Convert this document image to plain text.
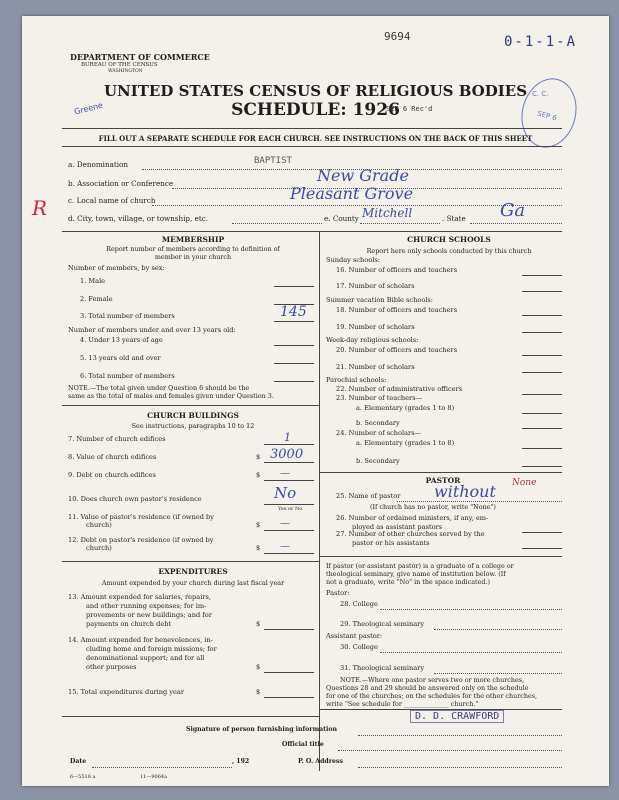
DEPARTMENT OF COMMERCE
BUREAU OF THE CENSUS
WASHINGTON
9694	0-1-1-A
UNITED STATES CENSUS OF RELIGIOUS BODIES
SCHEDULE: 1926
SEP 6 Rec'd
Greene
C. C.
SEP 6
FILL OUT A SEPARATE SCHEDULE FOR EACH CHURCH. SEE INSTRUCTIONS ON THE BACK OF THIS SHEET
R
a. Denomination	BAPTIST
b. Association or Conference	New Grade
c. Local name of church	Pleasant Grove
d. City, town, village, or township, etc.	e. County Mitchell	. State Ga
MEMBERSHIP
Report number of members according to definition of
member in your church
Number of members, by sex:
1. Male
2. Female
3. Total number of members	145
Number of members under and over 13 years old:
4. Under 13 years of age
5. 13 years old and over
6. Total number of members
NOTE.—The total given under Question 6 should be the
same as the total of males and females given under Question 3.
CHURCH BUILDINGS
See instructions, paragraphs 10 to 12
7. Number of church edifices	1
8. Value of church edifices	$ 3000
9. Debt on church edifices	$ —
10. Does church own pastor's residence	No
Yes or No
11. Value of pastor's residence (if owned by
church)	$ —
12. Debt on pastor's residence (if owned by
church)	$ —
EXPENDITURES
Amount expended by your church during last fiscal year
13. Amount expended for salaries, repairs,
and other running expenses; for im-
provements or new buildings; and for
payments on church debt	$
14. Amount expended for benevolences, in-
cluding home and foreign missions; for
denominational support; and for all
other purposes	$
15. Total expenditures during year	$
CHURCH SCHOOLS
Report here only schools conducted by this church
Sunday schools:
16. Number of officers and teachers
17. Number of scholars
Summer vacation Bible schools:
18. Number of officers and teachers
19. Number of scholars
Week-day religious schools:
20. Number of officers and teachers
21. Number of scholars
Parochial schools:
22. Number of administrative officers
23. Number of teachers—
a. Elementary (grades 1 to 8)
b. Secondary
24. Number of scholars—
a. Elementary (grades 1 to 8)
b. Secondary
PASTOR
25. Name of pastor without None
(If church has no pastor, write "None")
26. Number of ordained ministers, if any, em-
ployed as assistant pastors
27. Number of other churches served by the
pastor or his assistants
If pastor (or assistant pastor) is a graduate of a college or
theological seminary, give name of institution below. (If
not a graduate, write "No" in the space indicated.)
Pastor:
28. College
29. Theological seminary
Assistant pastor:
30. College
31. Theological seminary
NOTE.—Where one pastor serves two or more churches,
Questions 28 and 29 should be answered only on the schedule
for one of the churches; on the schedules for the other churches,
write "See schedule for ______________ church."
D. D. CRAWFORD
Signature of person furnishing information
Official title
Date	, 192	P. O. Address
6—5518 a	11—9064a
